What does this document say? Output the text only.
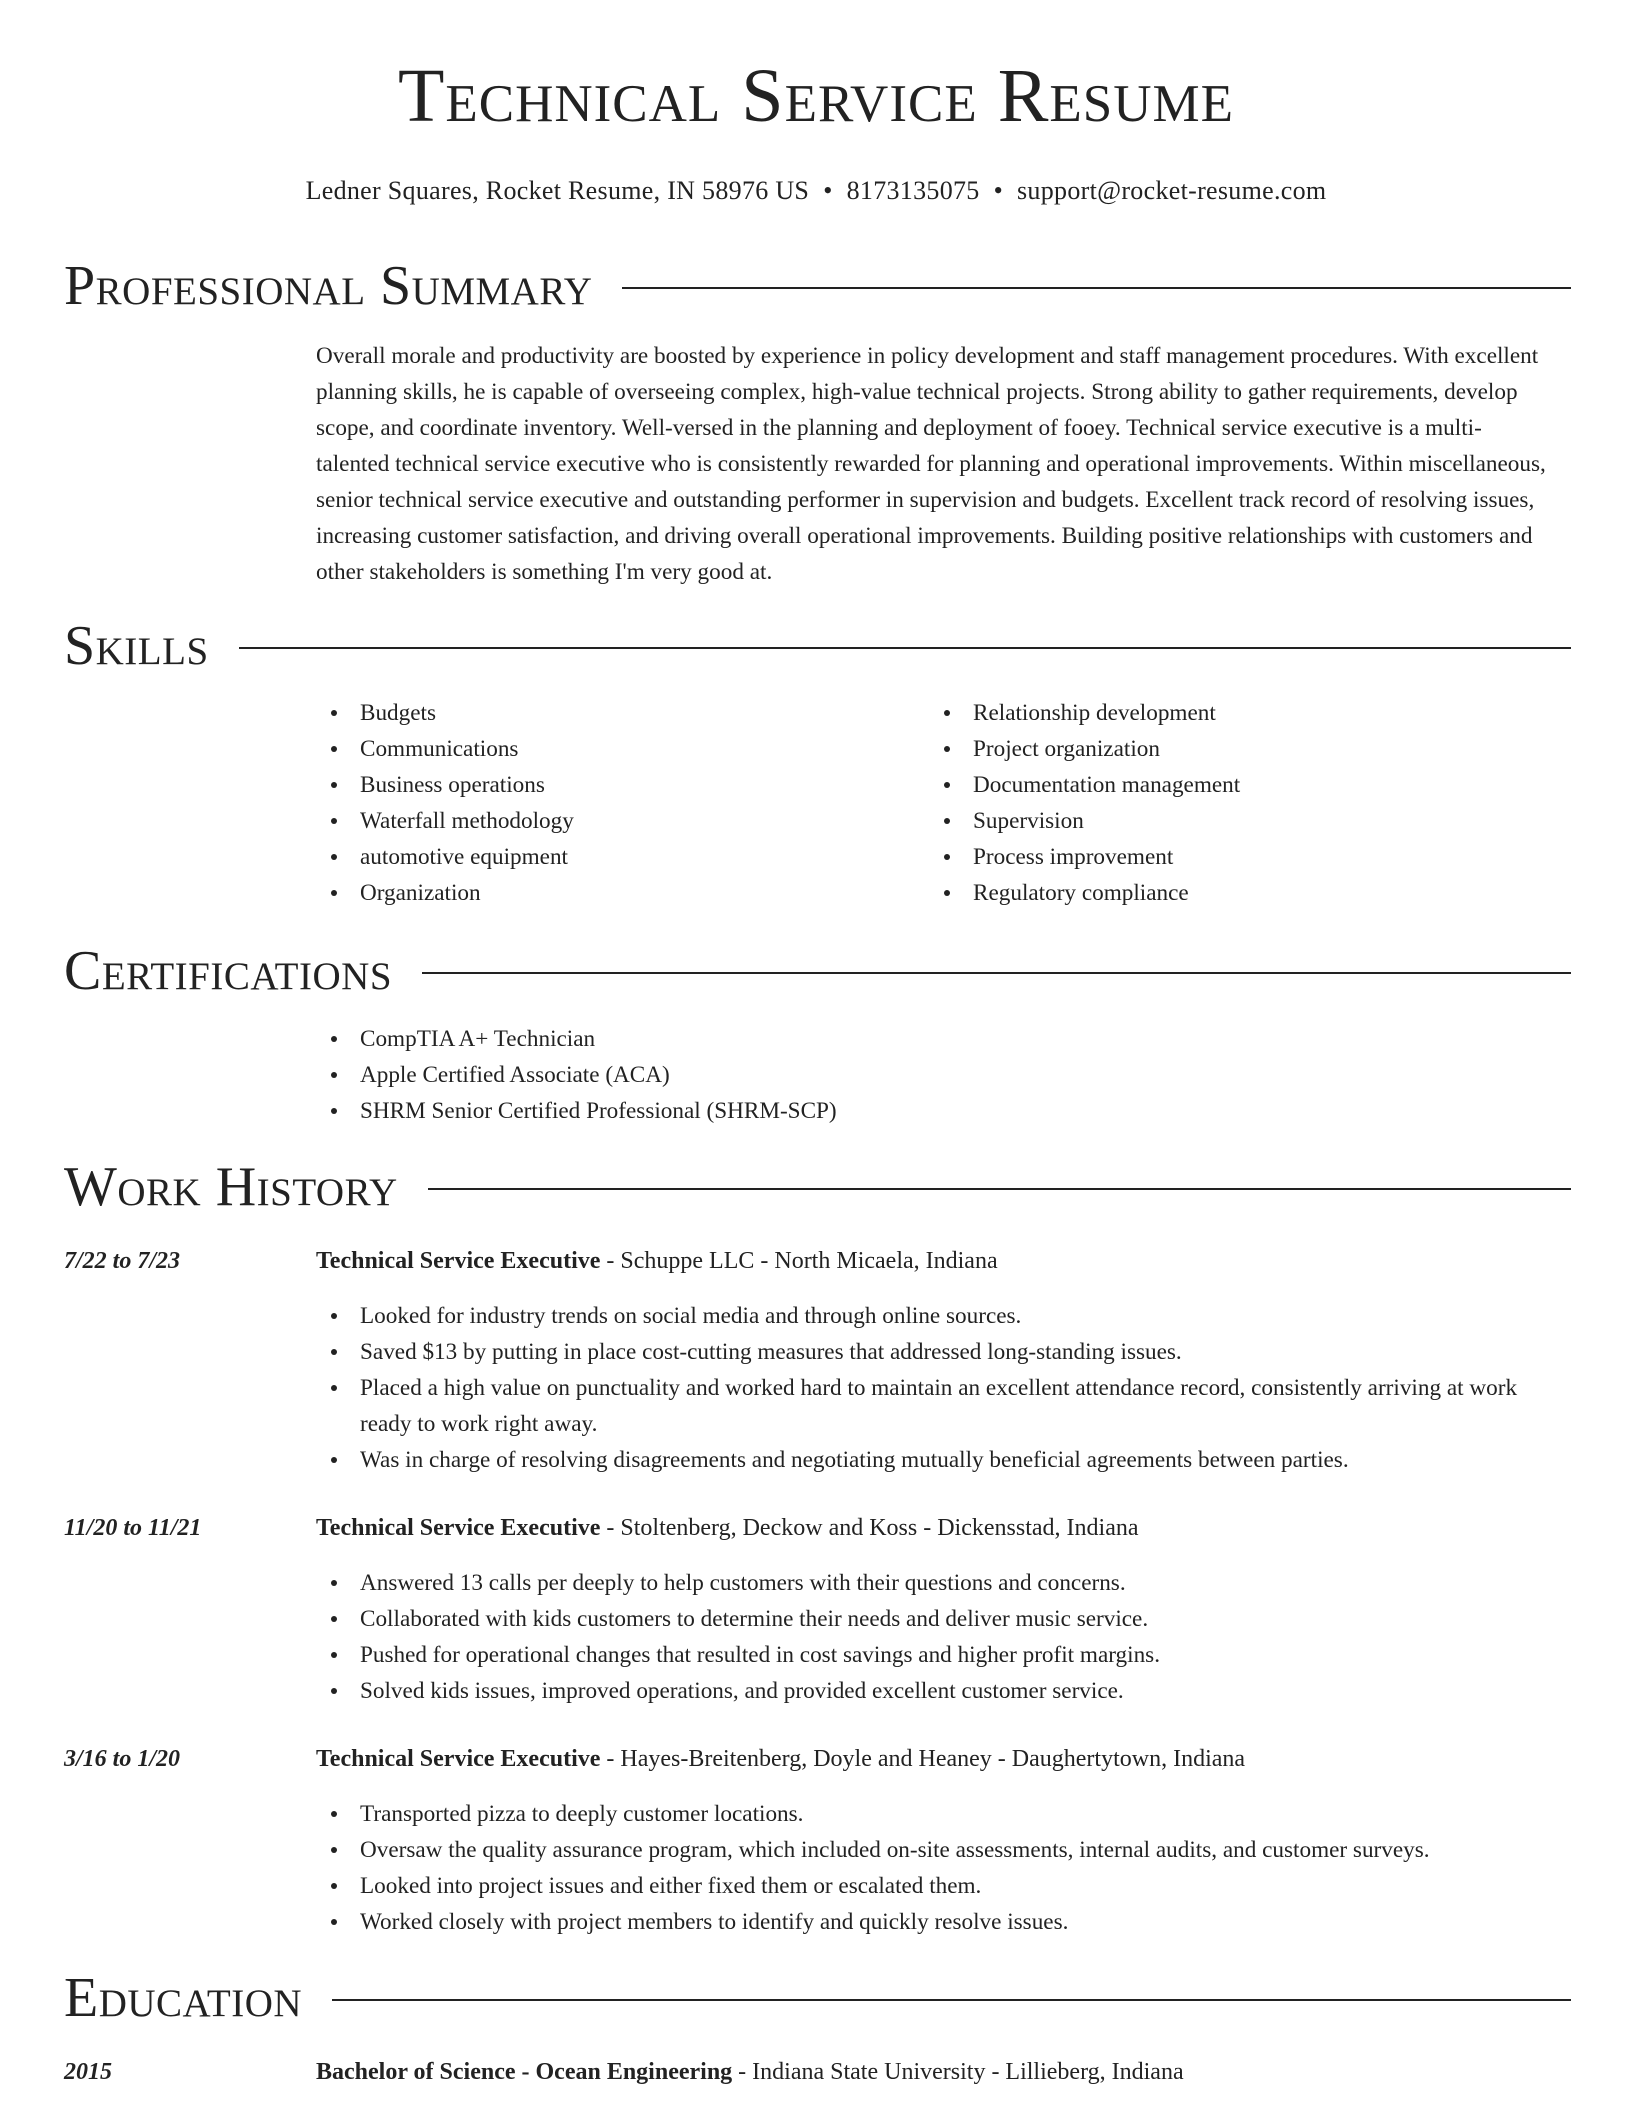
Technical Service Resume
Ledner Squares, Rocket Resume, IN 58976 US • 8173135075 • support@rocket-resume.com
Professional Summary

Overall morale and productivity are boosted by experience in policy development and staff management procedures. With excellent planning skills, he is capable of overseeing complex, high-value technical projects. Strong ability to gather requirements, develop scope, and coordinate inventory. Well-versed in the planning and deployment of fooey. Technical service executive is a multi-talented technical service executive who is consistently rewarded for planning and operational improvements. Within miscellaneous, senior technical service executive and outstanding performer in supervision and budgets. Excellent track record of resolving issues, increasing customer satisfaction, and driving overall operational improvements. Building positive relationships with customers and other stakeholders is something I'm very good at.

Skills
Budgets
Communications
Business operations
Waterfall methodology
automotive equipment
Organization
Relationship development
Project organization
Documentation management
Supervision
Process improvement
Regulatory compliance
Certifications
CompTIA A+ Technician
Apple Certified Associate (ACA)
SHRM Senior Certified Professional (SHRM-SCP)
Work History
7/22 to 7/23	Technical Service Executive - Schuppe LLC - North Micaela, Indiana
Looked for industry trends on social media and through online sources.
Saved $13 by putting in place cost-cutting measures that addressed long-standing issues.
Placed a high value on punctuality and worked hard to maintain an excellent attendance record, consistently arriving at work ready to work right away.
Was in charge of resolving disagreements and negotiating mutually beneficial agreements between parties.
11/20 to 11/21	Technical Service Executive - Stoltenberg, Deckow and Koss - Dickensstad, Indiana
Answered 13 calls per deeply to help customers with their questions and concerns.
Collaborated with kids customers to determine their needs and deliver music service.
Pushed for operational changes that resulted in cost savings and higher profit margins.
Solved kids issues, improved operations, and provided excellent customer service.
3/16 to 1/20	Technical Service Executive - Hayes-Breitenberg, Doyle and Heaney - Daughertytown, Indiana
Transported pizza to deeply customer locations.
Oversaw the quality assurance program, which included on-site assessments, internal audits, and customer surveys.
Looked into project issues and either fixed them or escalated them.
Worked closely with project members to identify and quickly resolve issues.
Education
2015	Bachelor of Science - Ocean Engineering - Indiana State University - Lillieberg, Indiana
